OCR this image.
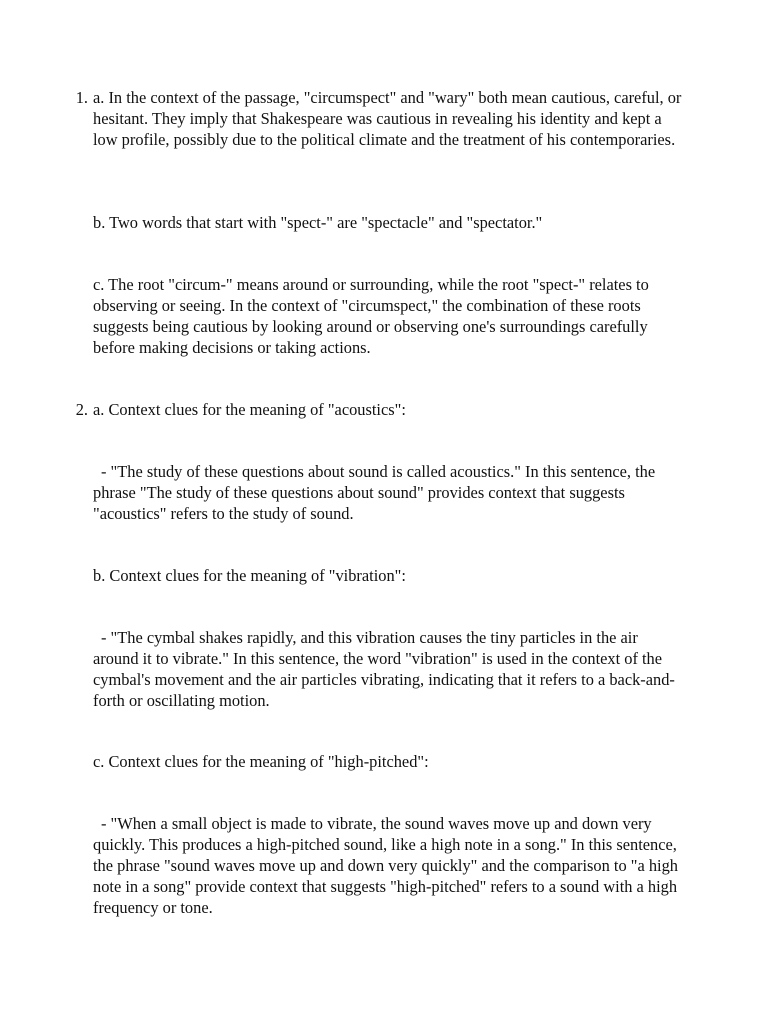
1. a. In the context of the passage, "circumspect" and "wary" both mean cautious, careful, or hesitant. They imply that Shakespeare was cautious in revealing his identity and kept a low profile, possibly due to the political climate and the treatment of his contemporaries.

b. Two words that start with "spect-" are "spectacle" and "spectator."

c. The root "circum-" means around or surrounding, while the root "spect-" relates to observing or seeing. In the context of "circumspect," the combination of these roots suggests being cautious by looking around or observing one's surroundings carefully before making decisions or taking actions.

2. a. Context clues for the meaning of "acoustics":

- "The study of these questions about sound is called acoustics." In this sentence, the phrase "The study of these questions about sound" provides context that suggests "acoustics" refers to the study of sound.

b. Context clues for the meaning of "vibration":

- "The cymbal shakes rapidly, and this vibration causes the tiny particles in the air around it to vibrate." In this sentence, the word "vibration" is used in the context of the cymbal's movement and the air particles vibrating, indicating that it refers to a back-and-forth or oscillating motion.

c. Context clues for the meaning of "high-pitched":

- "When a small object is made to vibrate, the sound waves move up and down very quickly. This produces a high-pitched sound, like a high note in a song." In this sentence, the phrase "sound waves move up and down very quickly" and the comparison to "a high note in a song" provide context that suggests "high-pitched" refers to a sound with a high frequency or tone.
